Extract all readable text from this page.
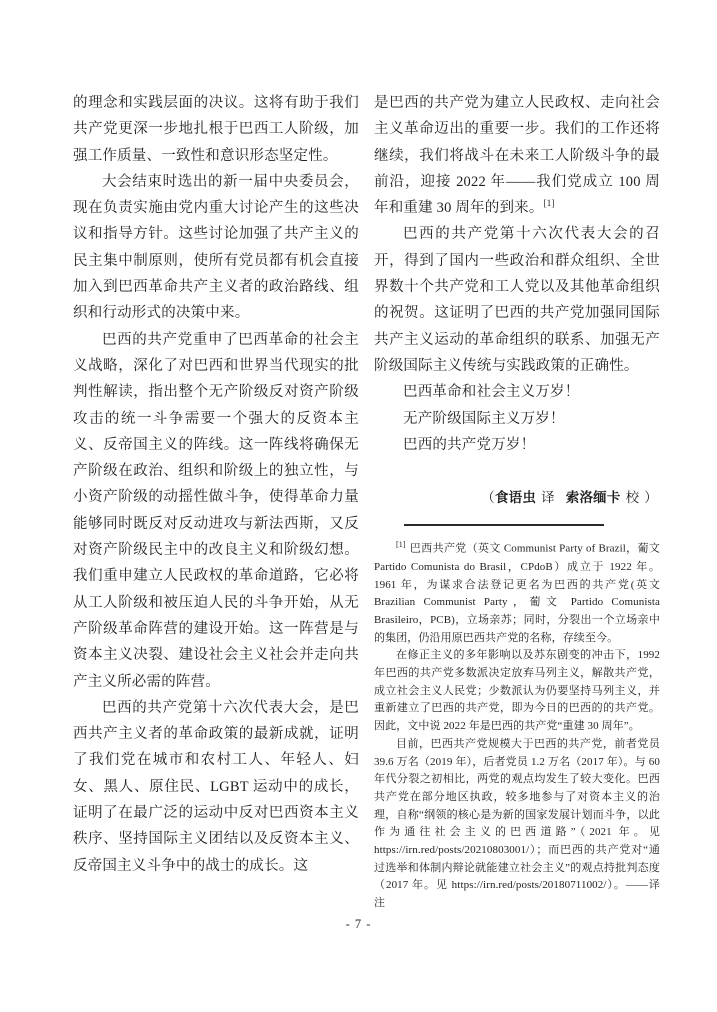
的理念和实践层面的决议。这将有助于我们共产党更深一步地扎根于巴西工人阶级，加强工作质量、一致性和意识形态坚定性。

大会结束时选出的新一届中央委员会，现在负责实施由党内重大讨论产生的这些决议和指导方针。这些讨论加强了共产主义的民主集中制原则，使所有党员都有机会直接加入到巴西革命共产主义者的政治路线、组织和行动形式的决策中来。

巴西的共产党重申了巴西革命的社会主义战略，深化了对巴西和世界当代现实的批判性解读，指出整个无产阶级反对资产阶级攻击的统一斗争需要一个强大的反资本主义、反帝国主义的阵线。这一阵线将确保无产阶级在政治、组织和阶级上的独立性，与小资产阶级的动摇性做斗争，使得革命力量能够同时既反对反动进攻与新法西斯，又反对资产阶级民主中的改良主义和阶级幻想。我们重申建立人民政权的革命道路，它必将从工人阶级和被压迫人民的斗争开始，从无产阶级革命阵营的建设开始。这一阵营是与资本主义决裂、建设社会主义社会并走向共产主义所必需的阵营。

巴西的共产党第十六次代表大会，是巴西共产主义者的革命政策的最新成就，证明了我们党在城市和农村工人、年轻人、妇女、黑人、原住民、LGBT 运动中的成长，证明了在最广泛的运动中反对巴西资本主义秩序、坚持国际主义团结以及反资本主义、反帝国主义斗争中的战士的成长。这

是巴西的共产党为建立人民政权、走向社会主义革命迈出的重要一步。我们的工作还将继续，我们将战斗在未来工人阶级斗争的最前沿，迎接 2022 年——我们党成立 100 周年和重建 30 周年的到来。[1]

巴西的共产党第十六次代表大会的召开，得到了国内一些政治和群众组织、全世界数十个共产党和工人党以及其他革命组织的祝贺。这证明了巴西的共产党加强同国际共产主义运动的革命组织的联系、加强无产阶级国际主义传统与实践政策的正确性。

巴西革命和社会主义万岁！

无产阶级国际主义万岁！

巴西的共产党万岁！

（食语虫 译 索洛缅卡 校 ）

[1] 巴西共产党（英文 Communist Party of Brazil，葡文 Partido Comunista do Brasil，CPdoB）成立于 1922 年。1961 年，为谋求合法登记更名为巴西的共产党(英文 Brazilian Communist Party，葡文 Partido Comunista Brasileiro，PCB)，立场亲苏；同时，分裂出一个立场亲中的集团，仍沿用原巴西共产党的名称，存续至今。

在修正主义的多年影响以及苏东剧变的冲击下，1992 年巴西的共产党多数派决定放弃马列主义，解散共产党，成立社会主义人民党；少数派认为仍要坚持马列主义，并重新建立了巴西的共产党，即为今日的巴西的的共产党。因此，文中说 2022 年是巴西的共产党“重建 30 周年”。

目前，巴西共产党规模大于巴西的共产党，前者党员 39.6 万名（2019 年），后者党员 1.2 万名（2017 年）。与 60 年代分裂之初相比，两党的观点均发生了较大变化。巴西共产党在部分地区执政，较多地参与了对资本主义的治理，自称“纲领的核心是为新的国家发展计划而斗争，以此作为通往社会主义的巴西道路”（2021 年。见 https://irn.red/posts/20210803001/）；而巴西的共产党对“通过选举和体制内辩论就能建立社会主义”的观点持批判态度（2017 年。见 https://irn.red/posts/20180711002/）。——译注

- 7 -
